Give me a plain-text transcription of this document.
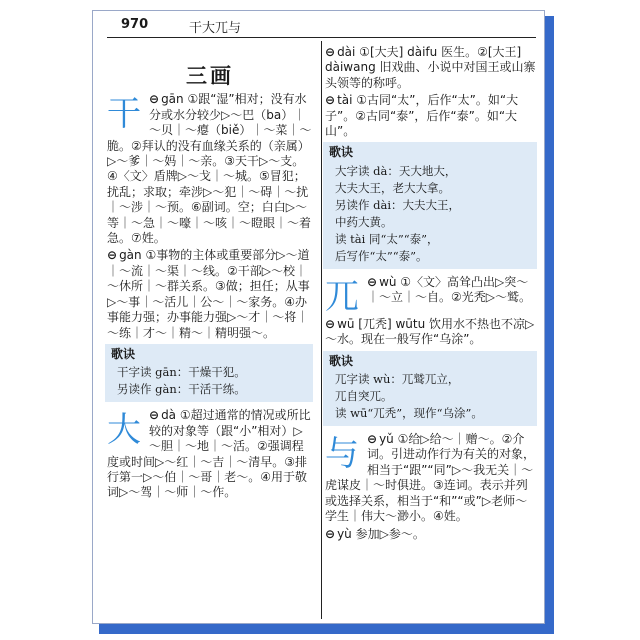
970	干大兀与
三画
干 ⊖ gān ①跟“湿”相对；没有水分或水分较少▷～巴（ba）｜～贝｜～瘪（biě）｜～菜｜～脆。②拜认的没有血缘关系的（亲属）▷～爹｜～妈｜～亲。③天干▷～支。④〈文〉盾牌▷～戈｜～城。⑤冒犯；扰乱；求取；牵涉▷～犯｜～碍｜～扰｜～涉｜～预。⑥副词。空；白白▷～等｜～急｜～嚎｜～咳｜～瞪眼｜～着急。⑦姓。
⊖ gàn ①事物的主体或重要部分▷～道｜～流｜～渠｜～线。②干部▷～校｜～休所｜～群关系。③做；担任；从事▷～事｜～活儿｜公～｜～家务。④办事能力强；办事能力强▷～才｜～将｜～练｜才～｜精～｜精明强～。
歌诀
干字读 gān：干燥干犯。
另读作 gàn：干活干练。
大 ⊖ dà ①超过通常的情况或所比较的对象等（跟“小”相对）▷～胆｜～地｜～活。②强调程度或时间▷～红｜～吉｜～清早。③排行第一▷～伯｜～哥｜老～。④用于敬词▷～驾｜～师｜～作。
⊖ dài ①[大夫] dàifu 医生。②[大王] dàiwang 旧戏曲、小说中对国王或山寨头领等的称呼。
⊖ tài ①古同“太”，后作“太”。如“大子”。②古同“泰”，后作“泰”。如“大山”。
歌诀
大字读 dà：天大地大，
大夫大王，老大大拿。
另读作 dài：大夫大王，
中药大黄。
读 tài 同“太”“泰”，
后写作“太”“泰”。
兀 ⊖ wù ①〈文〉高耸凸出▷突～｜～立｜～自。②光秃▷～鹫。
⊖ wū [兀秃] wūtu 饮用水不热也不凉▷～水。现在一般写作“乌涂”。
歌诀
兀字读 wù：兀鹫兀立，
兀自突兀。
读 wū“兀秃”，现作“乌涂”。
与 ⊖ yǔ ①给▷给～｜赠～。②介词。引进动作行为有关的对象，相当于“跟”“同”▷～我无关｜～虎谋皮｜～时俱进。③连词。表示并列或选择关系，相当于“和”“或”▷老师～学生｜伟大～渺小。④姓。
⊖ yù 参加▷参～。
